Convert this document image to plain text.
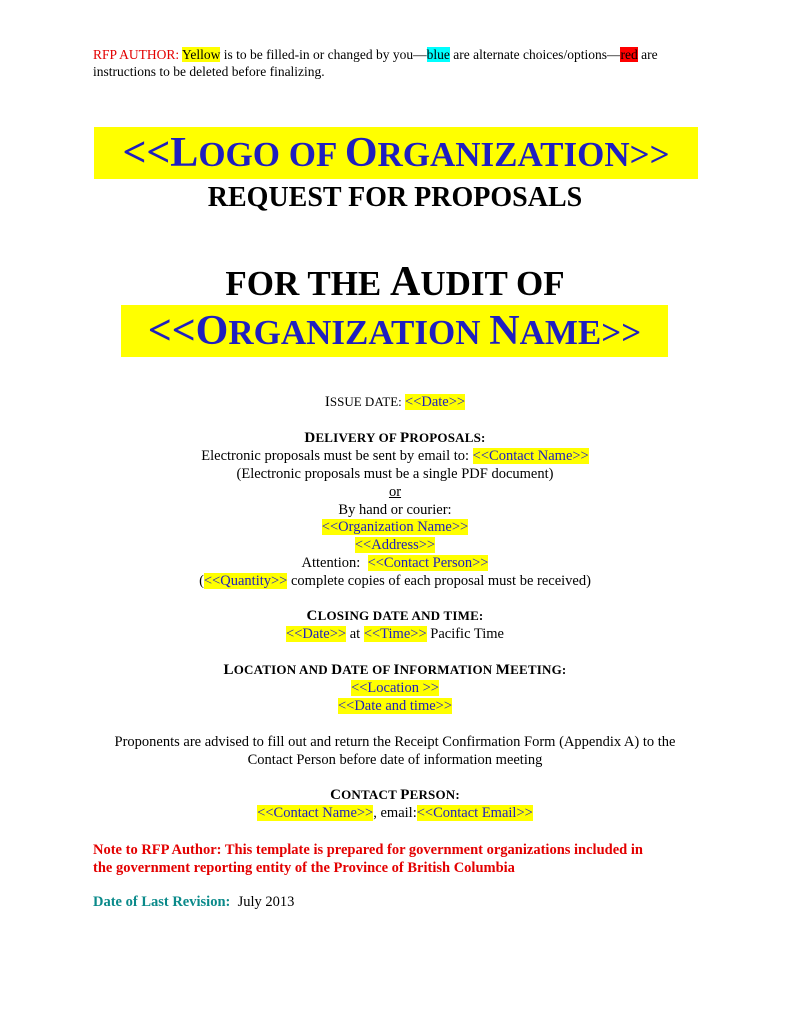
RFP AUTHOR: Yellow is to be filled-in or changed by you—blue are alternate choices/options—red are
instructions to be deleted before finalizing.
<<LOGO OF ORGANIZATION>>
REQUEST FOR PROPOSALS
FOR THE AUDIT OF
<<ORGANIZATION NAME>>
ISSUE DATE: <<Date>>
DELIVERY OF PROPOSALS:
Electronic proposals must be sent by email to: <<Contact Name>>
(Electronic proposals must be a single PDF document)
or
By hand or courier:
<<Organization Name>>
<<Address>>
Attention:  <<Contact Person>>
(<<Quantity>> complete copies of each proposal must be received)
CLOSING DATE AND TIME:
<<Date>> at <<Time>> Pacific Time
LOCATION AND DATE OF INFORMATION MEETING:
<<Location >>
<<Date and time>>
Proponents are advised to fill out and return the Receipt Confirmation Form (Appendix A) to the
Contact Person before date of information meeting
CONTACT PERSON:
<<Contact Name>>, email:<<Contact Email>>
Note to RFP Author: This template is prepared for government organizations included in
the government reporting entity of the Province of British Columbia
Date of Last Revision:  July 2013
